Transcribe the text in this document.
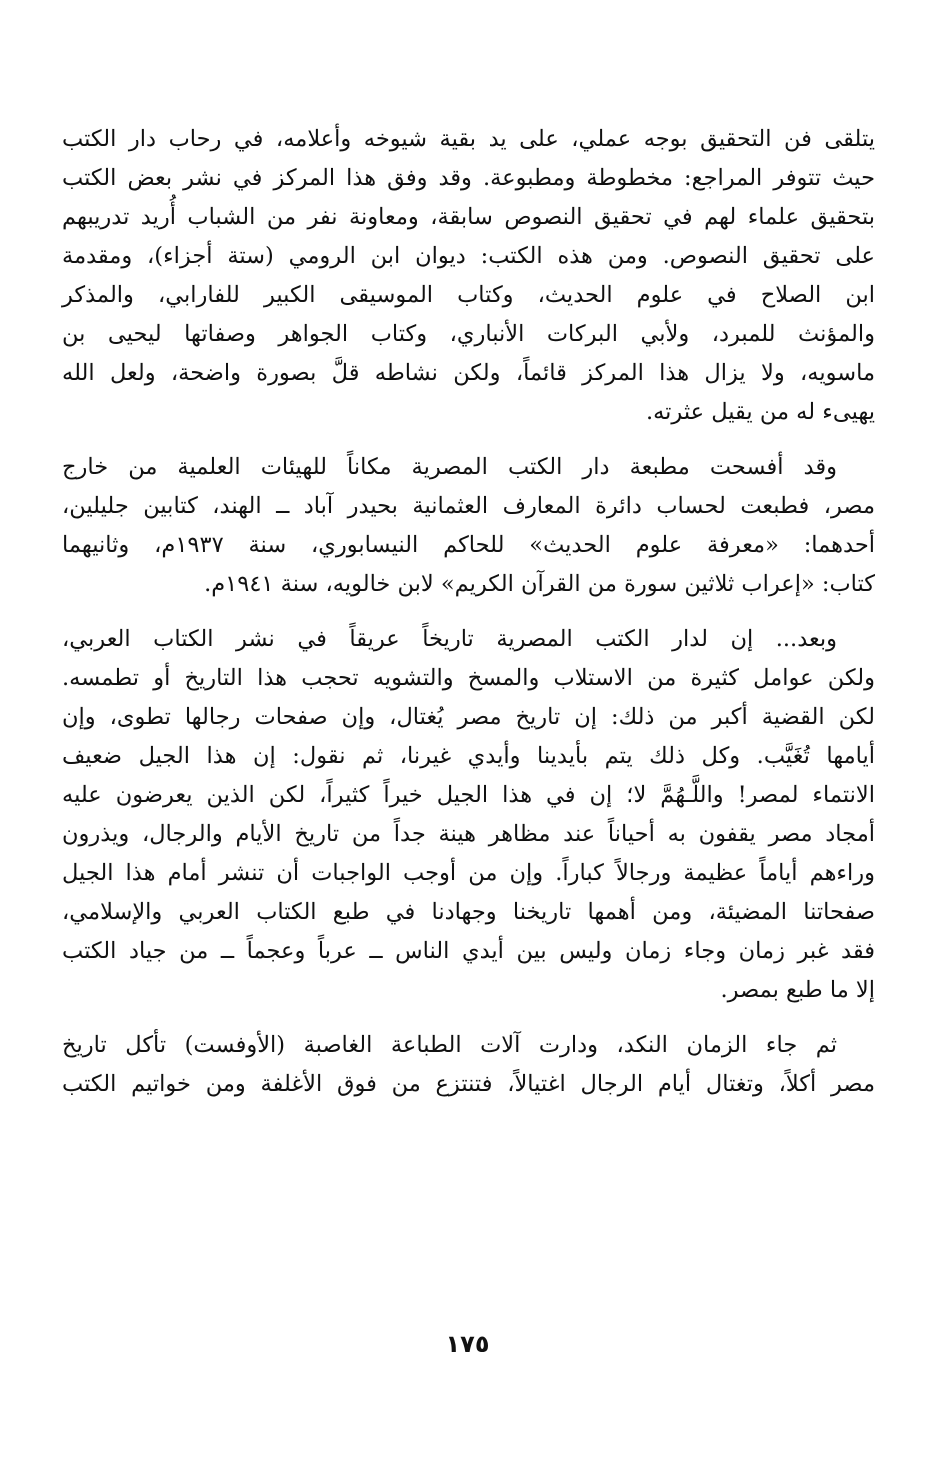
يتلقى فن التحقيق بوجه عملي، على يد بقية شيوخه وأعلامه، في رحاب دار الكتب
حيث تتوفر المراجع: مخطوطة ومطبوعة. وقد وفق هذا المركز في نشر بعض الكتب
بتحقيق علماء لهم في تحقيق النصوص سابقة، ومعاونة نفر من الشباب أُريد تدريبهم
على تحقيق النصوص. ومن هذه الكتب: ديوان ابن الرومي (ستة أجزاء)، ومقدمة
ابن الصلاح في علوم الحديث، وكتاب الموسيقى الكبير للفارابي، والمذكر
والمؤنث للمبرد، ولأبي البركات الأنباري، وكتاب الجواهر وصفاتها ليحيى بن
ماسويه، ولا يزال هذا المركز قائماً، ولكن نشاطه قلَّ بصورة واضحة، ولعل الله
يهيىء له من يقيل عثرته.

وقد أفسحت مطبعة دار الكتب المصرية مكاناً للهيئات العلمية من خارج
مصر، فطبعت لحساب دائرة المعارف العثمانية بحيدر آباد ــ الهند، كتابين جليلين،
أحدهما: «معرفة علوم الحديث» للحاكم النيسابوري، سنة ١٩٣٧م، وثانيهما
كتاب: «إعراب ثلاثين سورة من القرآن الكريم» لابن خالويه، سنة ١٩٤١م.

وبعد... إن لدار الكتب المصرية تاريخاً عريقاً في نشر الكتاب العربي،
ولكن عوامل كثيرة من الاستلاب والمسخ والتشويه تحجب هذا التاريخ أو تطمسه.
لكن القضية أكبر من ذلك: إن تاريخ مصر يُغتال، وإن صفحات رجالها تطوى، وإن
أيامها تُغَيَّب. وكل ذلك يتم بأيدينا وأيدي غيرنا، ثم نقول: إن هذا الجيل ضعيف
الانتماء لمصر! واللَّـهُمَّ لا؛ إن في هذا الجيل خيراً كثيراً، لكن الذين يعرضون عليه
أمجاد مصر يقفون به أحياناً عند مظاهر هينة جداً من تاريخ الأيام والرجال، ويذرون
وراءهم أياماً عظيمة ورجالاً كباراً. وإن من أوجب الواجبات أن تنشر أمام هذا الجيل
صفحاتنا المضيئة، ومن أهمها تاريخنا وجهادنا في طبع الكتاب العربي والإسلامي،
فقد غبر زمان وجاء زمان وليس بين أيدي الناس ــ عرباً وعجماً ــ من جياد الكتب
إلا ما طبع بمصر.

ثم جاء الزمان النكد، ودارت آلات الطباعة الغاصبة (الأوفست) تأكل تاريخ
مصر أكلاً، وتغتال أيام الرجال اغتيالاً، فتنتزع من فوق الأغلفة ومن خواتيم الكتب

١٧٥
